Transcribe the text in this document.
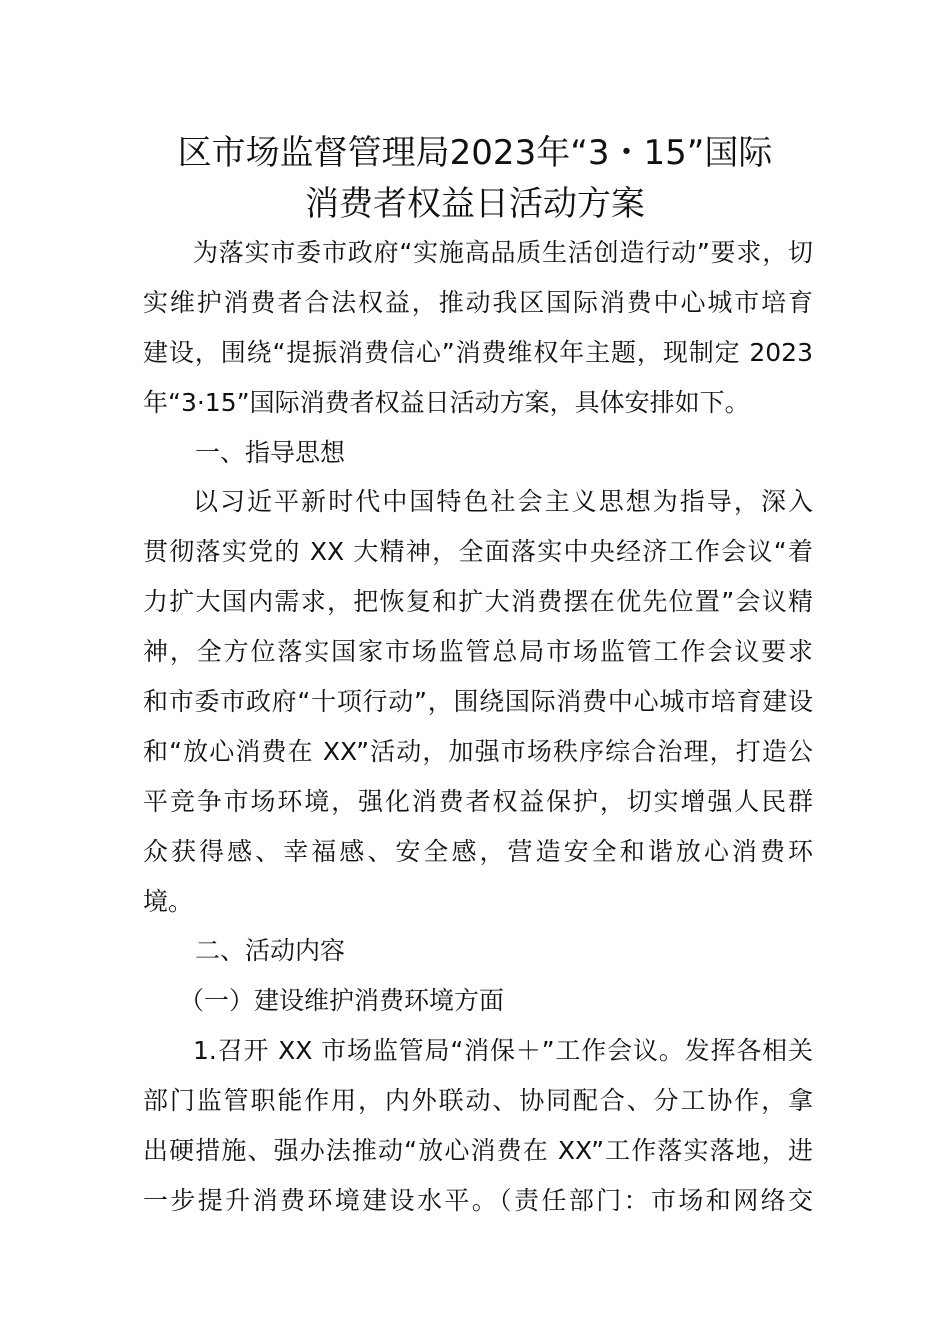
区市场监督管理局2023年“3・15”国际
消费者权益日活动方案
为落实市委市政府“实施高品质生活创造行动”要求，切
实维护消费者合法权益，推动我区国际消费中心城市培育
建设，围绕“提振消费信心”消费维权年主题，现制定 2023
年“3·15”国际消费者权益日活动方案，具体安排如下。
一、指导思想
以习近平新时代中国特色社会主义思想为指导，深入
贯彻落实党的 XX 大精神，全面落实中央经济工作会议“着
力扩大国内需求，把恢复和扩大消费摆在优先位置”会议精
神，全方位落实国家市场监管总局市场监管工作会议要求
和市委市政府“十项行动”，围绕国际消费中心城市培育建设
和“放心消费在 XX”活动，加强市场秩序综合治理，打造公
平竞争市场环境，强化消费者权益保护，切实增强人民群
众获得感、幸福感、安全感，营造安全和谐放心消费环
境。
二、活动内容
（一）建设维护消费环境方面
1.召开 XX 市场监管局“消保＋”工作会议。发挥各相关
部门监管职能作用，内外联动、协同配合、分工协作，拿
出硬措施、强办法推动“放心消费在 XX”工作落实落地，进
一步提升消费环境建设水平。（责任部门：市场和网络交
